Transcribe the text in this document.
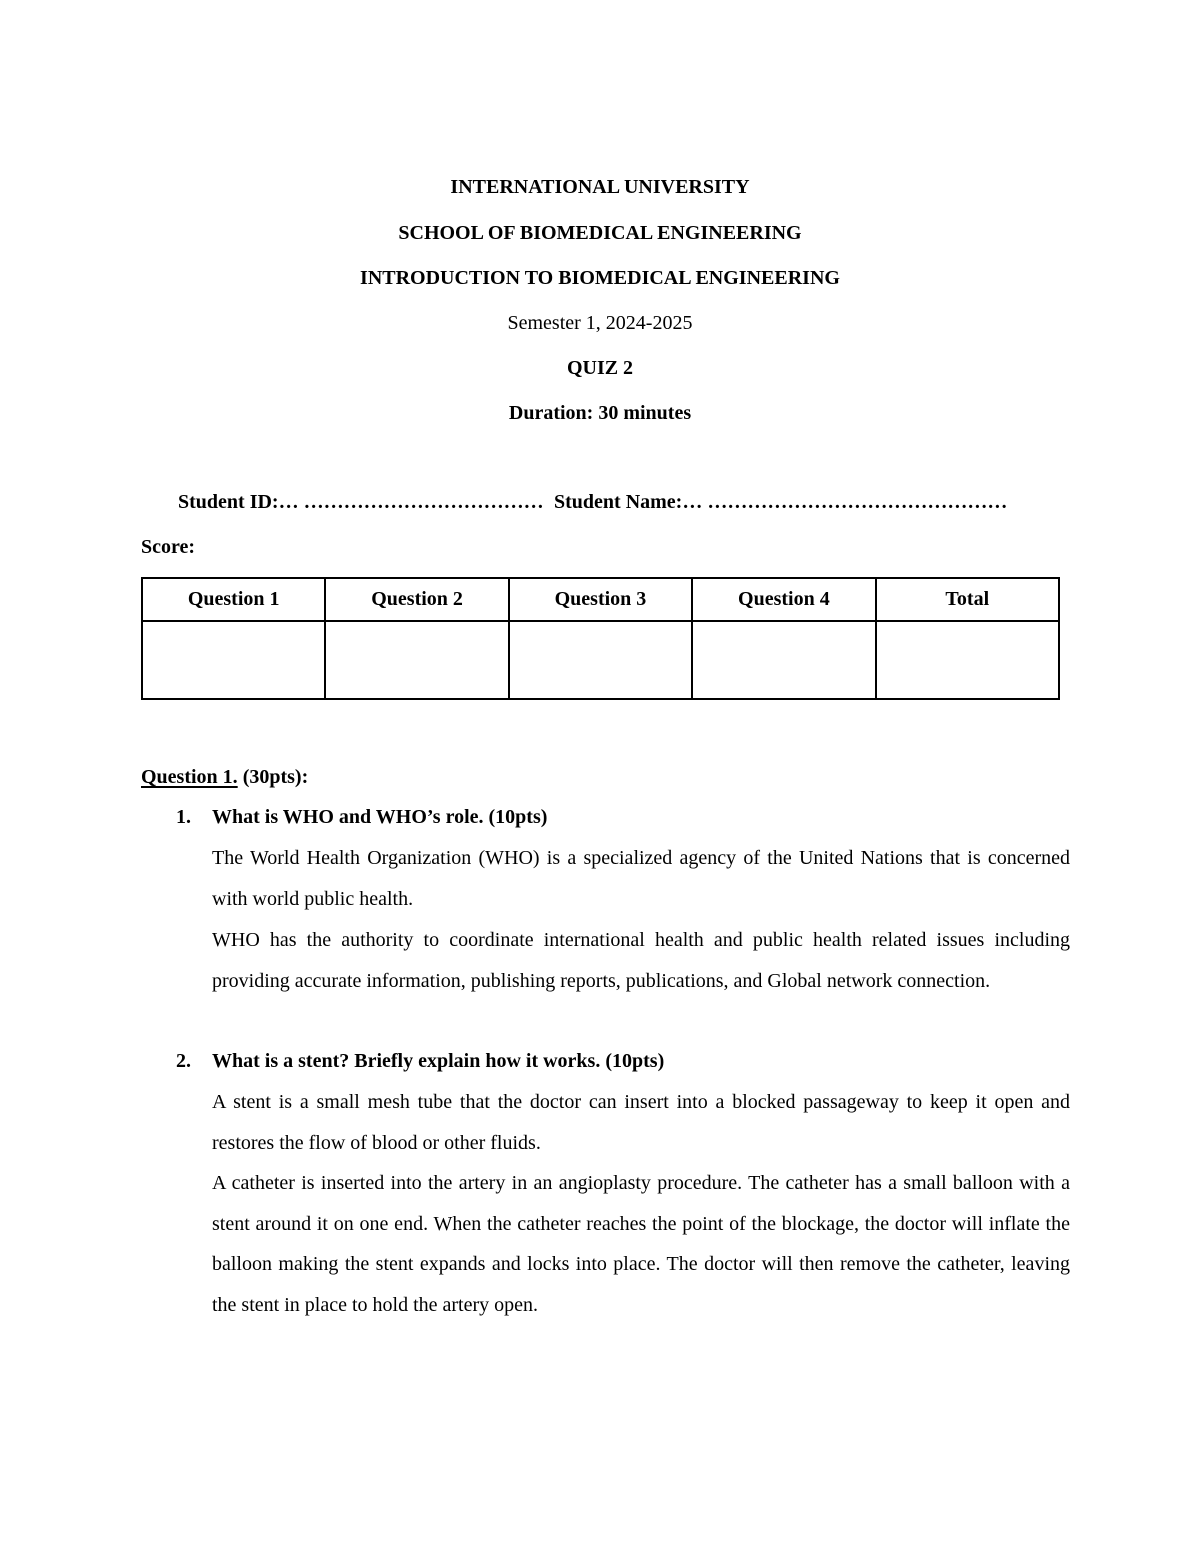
INTERNATIONAL UNIVERSITY
SCHOOL OF BIOMEDICAL ENGINEERING
INTRODUCTION TO BIOMEDICAL ENGINEERING
Semester 1, 2024-2025
QUIZ 2
Duration: 30 minutes
Student ID:… ……………………………… Student Name:… ………………………………………
Score:
Question 1	Question 2	Question 3	Question 4	Total

Question 1. (30pts):
1. What is WHO and WHO’s role. (10pts)
The World Health Organization (WHO) is a specialized agency of the United Nations that is concerned with world public health.
WHO has the authority to coordinate international health and public health related issues including providing accurate information, publishing reports, publications, and Global network connection.
2. What is a stent? Briefly explain how it works. (10pts)
A stent is a small mesh tube that the doctor can insert into a blocked passageway to keep it open and restores the flow of blood or other fluids.
A catheter is inserted into the artery in an angioplasty procedure. The catheter has a small balloon with a stent around it on one end. When the catheter reaches the point of the blockage, the doctor will inflate the balloon making the stent expands and locks into place. The doctor will then remove the catheter, leaving the stent in place to hold the artery open.
